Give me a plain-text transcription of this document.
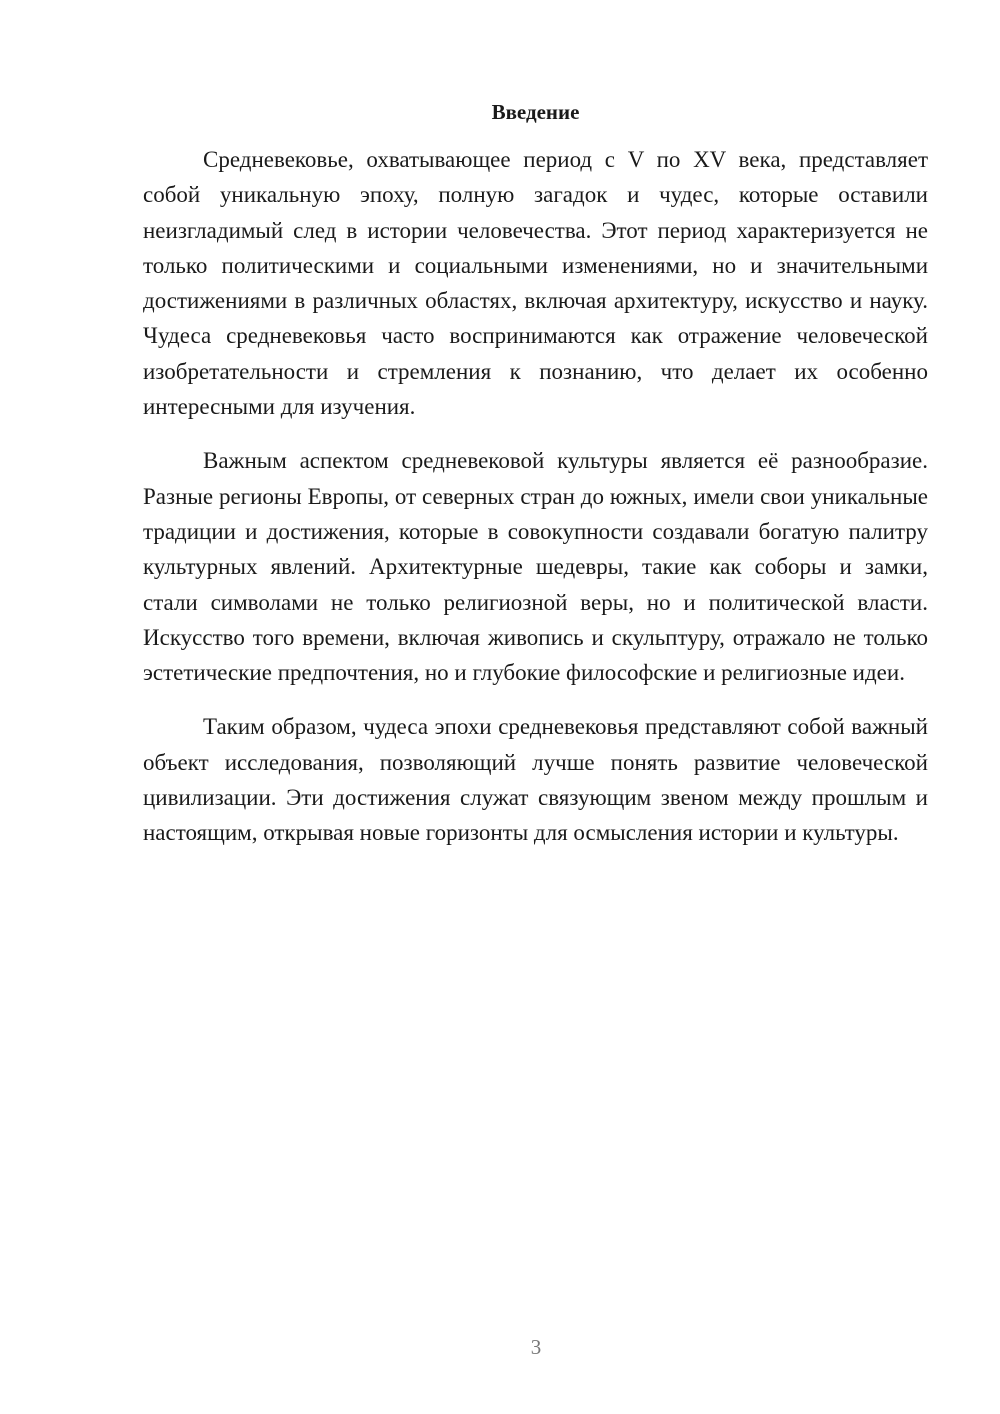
Введение

Средневековье, охватывающее период с V по XV века, представляет собой уникальную эпоху, полную загадок и чудес, которые оставили неизгладимый след в истории человечества. Этот период характеризуется не только политическими и социальными изменениями, но и значительными достижениями в различных областях, включая архитектуру, искусство и науку. Чудеса средневековья часто воспринимаются как отражение человеческой изобретательности и стремления к познанию, что делает их особенно интересными для изучения.

Важным аспектом средневековой культуры является её разнообразие. Разные регионы Европы, от северных стран до южных, имели свои уникальные традиции и достижения, которые в совокупности создавали богатую палитру культурных явлений. Архитектурные шедевры, такие как соборы и замки, стали символами не только религиозной веры, но и политической власти. Искусство того времени, включая живопись и скульптуру, отражало не только эстетические предпочтения, но и глубокие философские и религиозные идеи.

Таким образом, чудеса эпохи средневековья представляют собой важный объект исследования, позволяющий лучше понять развитие человеческой цивилизации. Эти достижения служат связующим звеном между прошлым и настоящим, открывая новые горизонты для осмысления истории и культуры.

3
